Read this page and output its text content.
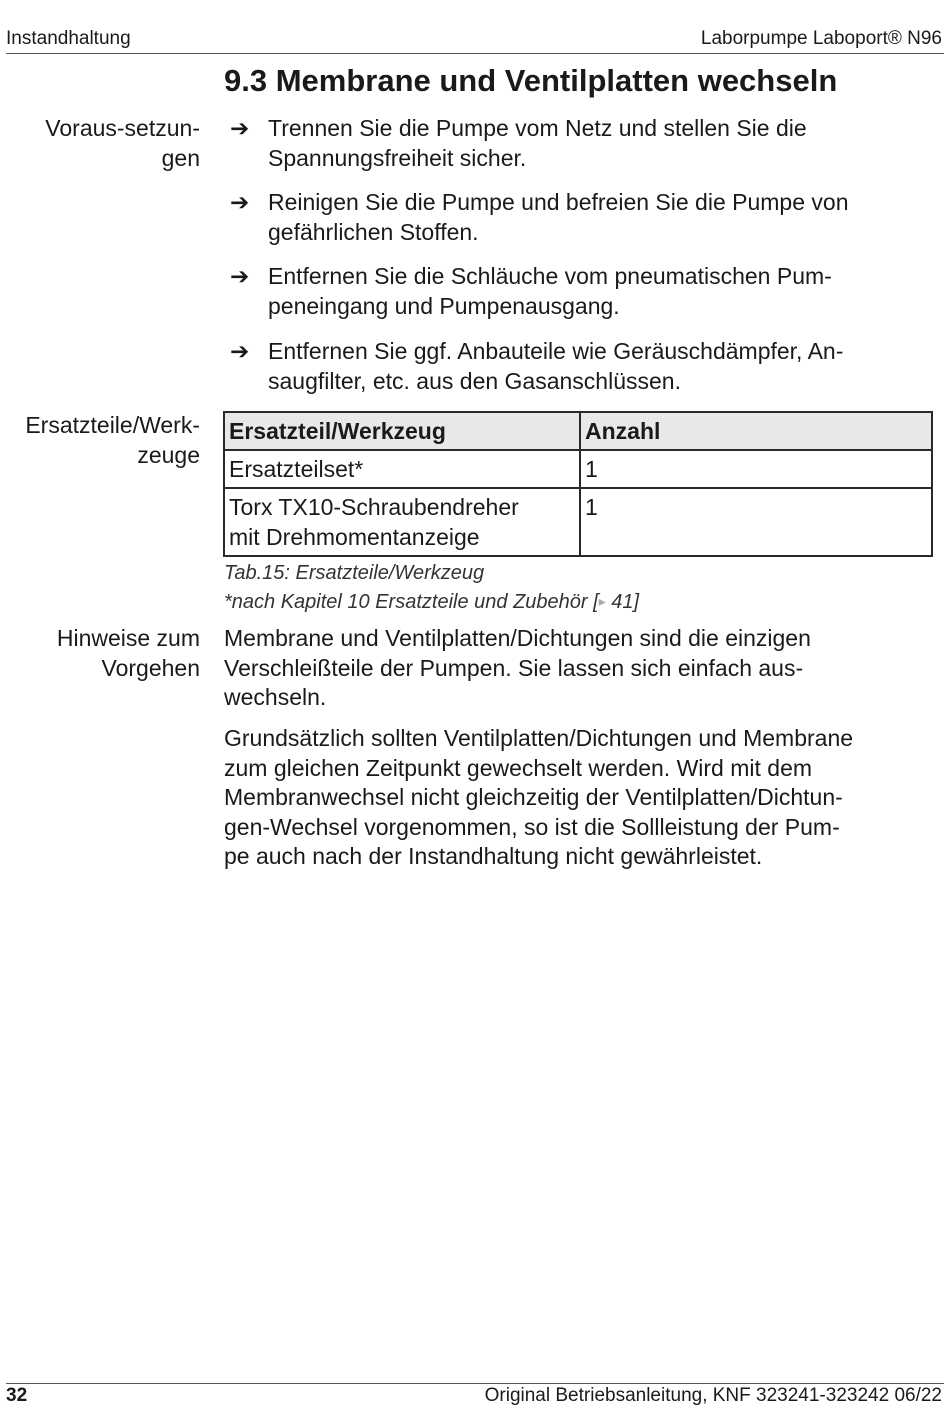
Instandhaltung	Laborpumpe Laboport® N96
9.3 Membrane und Ventilplatten wechseln
Voraus-setzun-
gen
➔ Trennen Sie die Pumpe vom Netz und stellen Sie die
Spannungsfreiheit sicher.
➔ Reinigen Sie die Pumpe und befreien Sie die Pumpe von
gefährlichen Stoffen.
➔ Entfernen Sie die Schläuche vom pneumatischen Pum-
peneingang und Pumpenausgang.
➔ Entfernen Sie ggf. Anbauteile wie Geräuschdämpfer, An-
saugfilter, etc. aus den Gasanschlüssen.
Ersatzteile/Werk-
zeuge
Ersatzteil/Werkzeug	Anzahl

Ersatzteilset*	1

Torx TX10-Schraubendreher
mit Drehmomentanzeige	1
Tab.15: Ersatzteile/Werkzeug
*nach Kapitel 10 Ersatzteile und Zubehör [▸ 41]
Hinweise zum
Vorgehen
Membrane und Ventilplatten/Dichtungen sind die einzigen
Verschleißteile der Pumpen. Sie lassen sich einfach aus-
wechseln.
Grundsätzlich sollten Ventilplatten/Dichtungen und Membrane
zum gleichen Zeitpunkt gewechselt werden. Wird mit dem
Membranwechsel nicht gleichzeitig der Ventilplatten/Dichtun-
gen-Wechsel vorgenommen, so ist die Sollleistung der Pum-
pe auch nach der Instandhaltung nicht gewährleistet.
32	Original Betriebsanleitung, KNF 323241-323242 06/22
